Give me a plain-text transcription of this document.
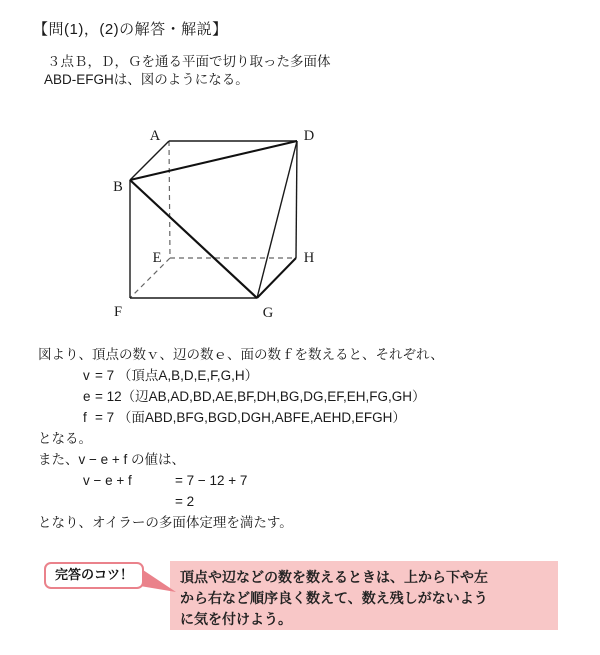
【問(1)，(2)の解答・解説】
３点Ｂ，Ｄ，Ｇを通る平面で切り取った多面体
ABD-EFGHは、図のようになる。
A	D
B
E	H
F	G
図より、頂点の数ｖ、辺の数ｅ、面の数ｆを数えると、それぞれ、
v = 7 （頂点A,B,D,E,F,G,H）
e = 12（辺AB,AD,BD,AE,BF,DH,BG,DG,EF,EH,FG,GH）
f = 7 （面ABD,BFG,BGD,DGH,ABFE,AEHD,EFGH）
となる。
また、v − e + f の値は、
v − e + f	= 7 − 12 + 7
= 2
となり、オイラーの多面体定理を満たす。
完答のコツ！	頂点や辺などの数を数えるときは、上から下や左
から右など順序良く数えて、数え残しがないよう
に気を付けよう。
